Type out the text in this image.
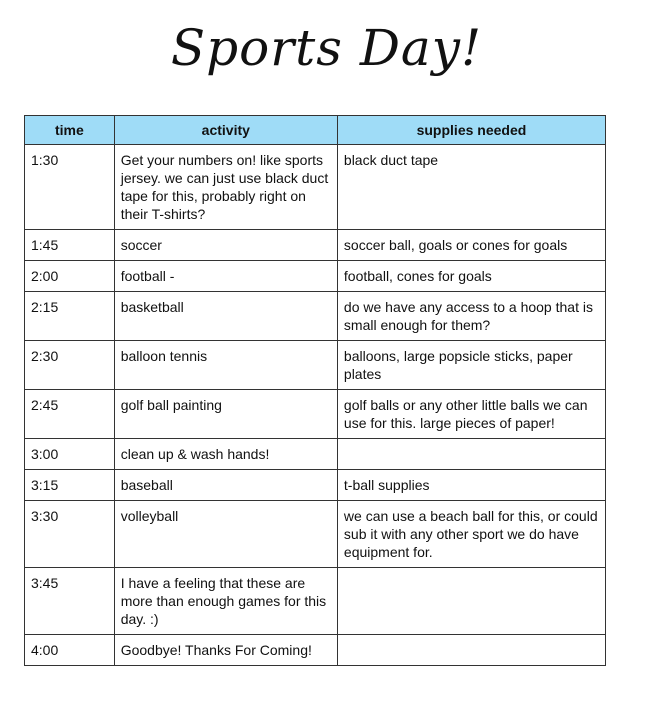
Sports Day!
time	activity	supplies needed
1:30	Get your numbers on! like sports jersey. we can just use black duct tape for this, probably right on their T-shirts?	black duct tape
1:45	soccer	soccer ball, goals or cones for goals
2:00	football -	football, cones for goals
2:15	basketball	do we have any access to a hoop that is small enough for them?
2:30	balloon tennis	balloons, large popsicle sticks, paper plates
2:45	golf ball painting	golf balls or any other little balls we can use for this. large pieces of paper!
3:00	clean up & wash hands!	
3:15	baseball	t-ball supplies
3:30	volleyball	we can use a beach ball for this, or could sub it with any other sport we do have equipment for.
3:45	I have a feeling that these are more than enough games for this day. :)	
4:00	Goodbye! Thanks For Coming!	
